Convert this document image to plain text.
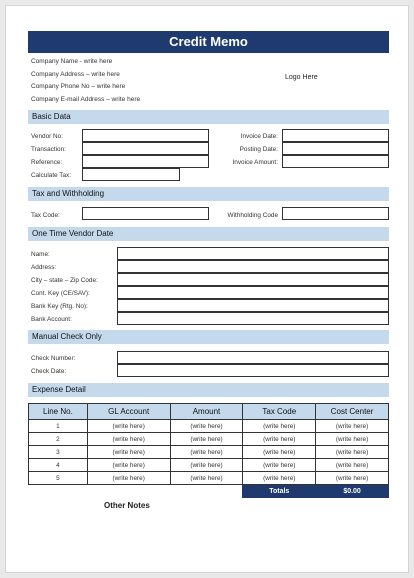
Credit Memo
Company Name - write here
Company Address – write here
Company Phone No – write here
Company E-mail Address – write here
Logo Here
Basic Data
Vendor No:	Invoice Date:
Transaction:	Posting Date:
Reference:	Invoice Amount:
Calculate Tax:
Tax and Withholding
Tax Code:	Withholding Code
One Time Vendor Date
Name:
Address:
City – state – Zip Code:
Cont. Key (CE/SAV):
Bank Key (Rtg. No):
Bank Account:
Manual Check Only
Check Number:
Check Date:
Expense Detail
Line No.	GL Account	Amount	Tax Code	Cost Center
1	(write here)	(write here)	(write here)	(write here)
2	(write here)	(write here)	(write here)	(write here)
3	(write here)	(write here)	(write here)	(write here)
4	(write here)	(write here)	(write here)	(write here)
5	(write here)	(write here)	(write here)	(write here)
			Totals	$0.00
Other Notes
